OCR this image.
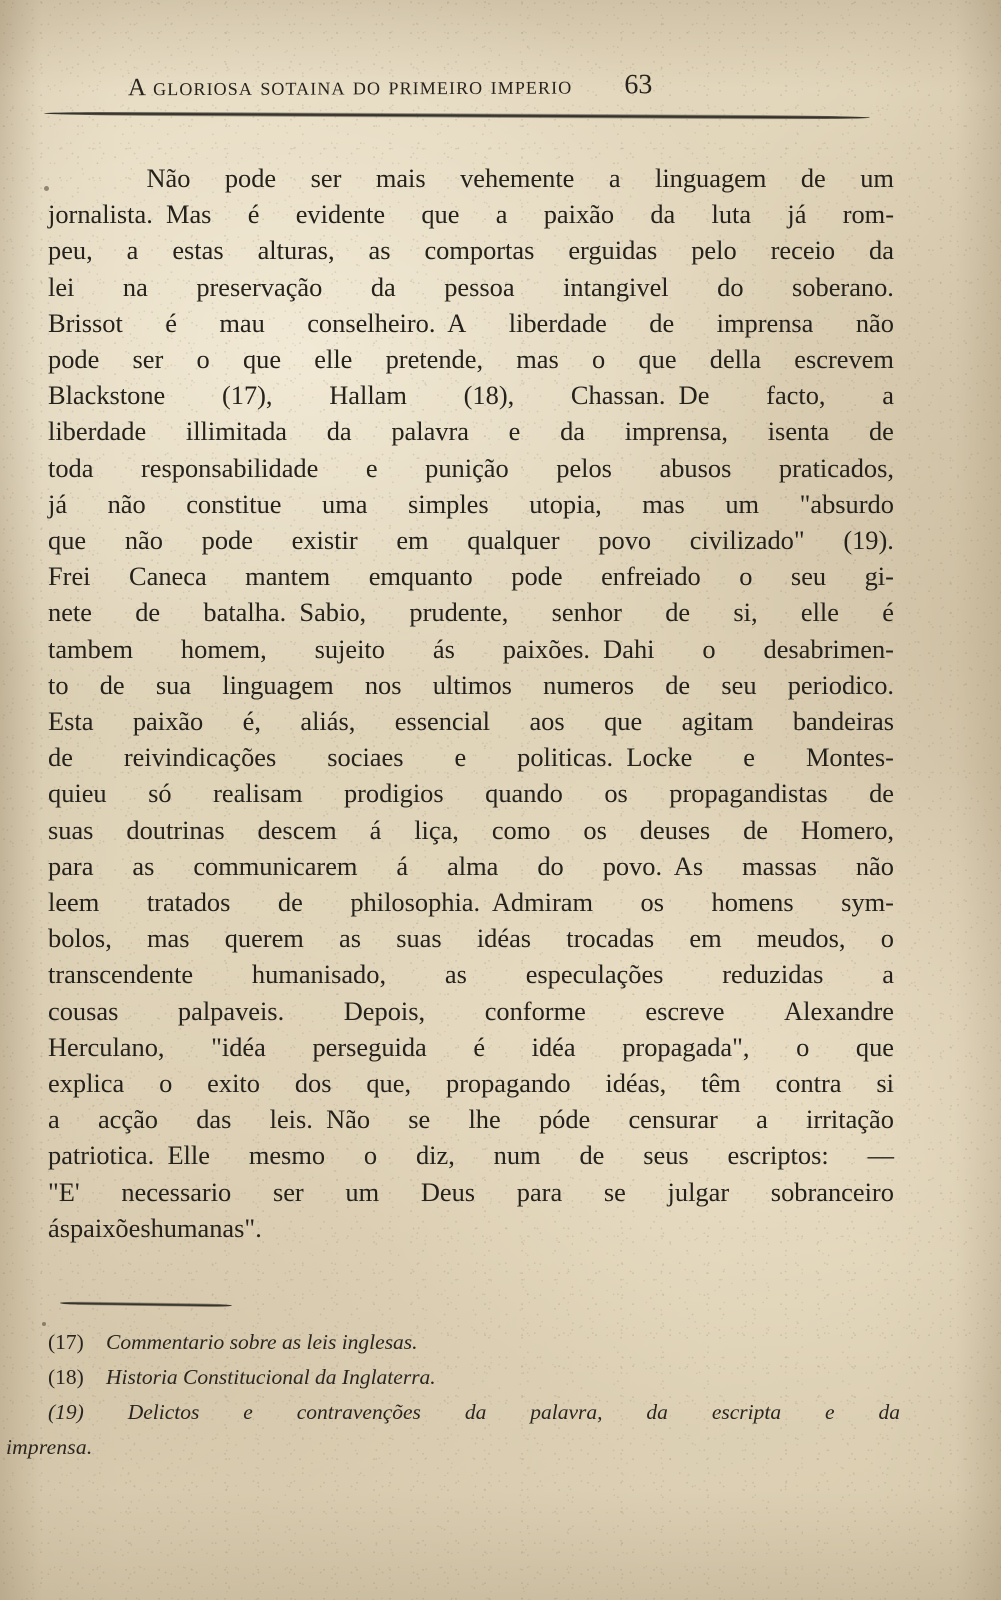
A gloriosa sotaina do primeiro imperio 63

Não pode ser mais vehemente a linguagem de um
jornalista.  Mas é evidente que a paixão da luta já rom-
peu, a estas alturas, as comportas erguidas pelo receio da
lei na preservação da pessoa intangivel do soberano.
Brissot é mau conselheiro.  A liberdade de imprensa não
pode ser o que elle pretende, mas o que della escrevem
Blackstone (17), Hallam (18), Chassan.  De facto, a
liberdade illimitada da palavra e da imprensa, isenta de
toda responsabilidade e punição pelos abusos praticados,
já não constitue uma simples utopia, mas um "absurdo
que não pode existir em qualquer povo civilizado" (19).
Frei Caneca mantem emquanto pode enfreiado o seu gi-
nete de batalha.  Sabio, prudente, senhor de si, elle é
tambem homem, sujeito ás paixões.  Dahi o desabrimen-
to de sua linguagem nos ultimos numeros de seu periodico.
Esta paixão é, aliás, essencial aos que agitam bandeiras
de reivindicações sociaes e politicas.  Locke e Montes-
quieu só realisam prodigios quando os propagandistas de
suas doutrinas descem á liça, como os deuses de Homero,
para as communicarem á alma do povo.  As massas não
leem tratados de philosophia.  Admiram os homens sym-
bolos, mas querem as suas idéas trocadas em meudos, o
transcendente humanisado, as especulações reduzidas a
cousas palpaveis. Depois, conforme escreve Alexandre
Herculano, "idéa perseguida é idéa propagada", o que
explica o exito dos que, propagando idéas, têm contra si
a acção das leis.  Não se lhe póde censurar a irritação
patriotica.  Elle mesmo o diz, num de seus escriptos: —
"E' necessario ser um Deus para se julgar sobranceiro
ás paixões humanas".

(17) Commentario sobre as leis inglesas.
(18) Historia Constitucional da Inglaterra.
(19) Delictos e contravenções da palavra, da escripta e da
imprensa.
